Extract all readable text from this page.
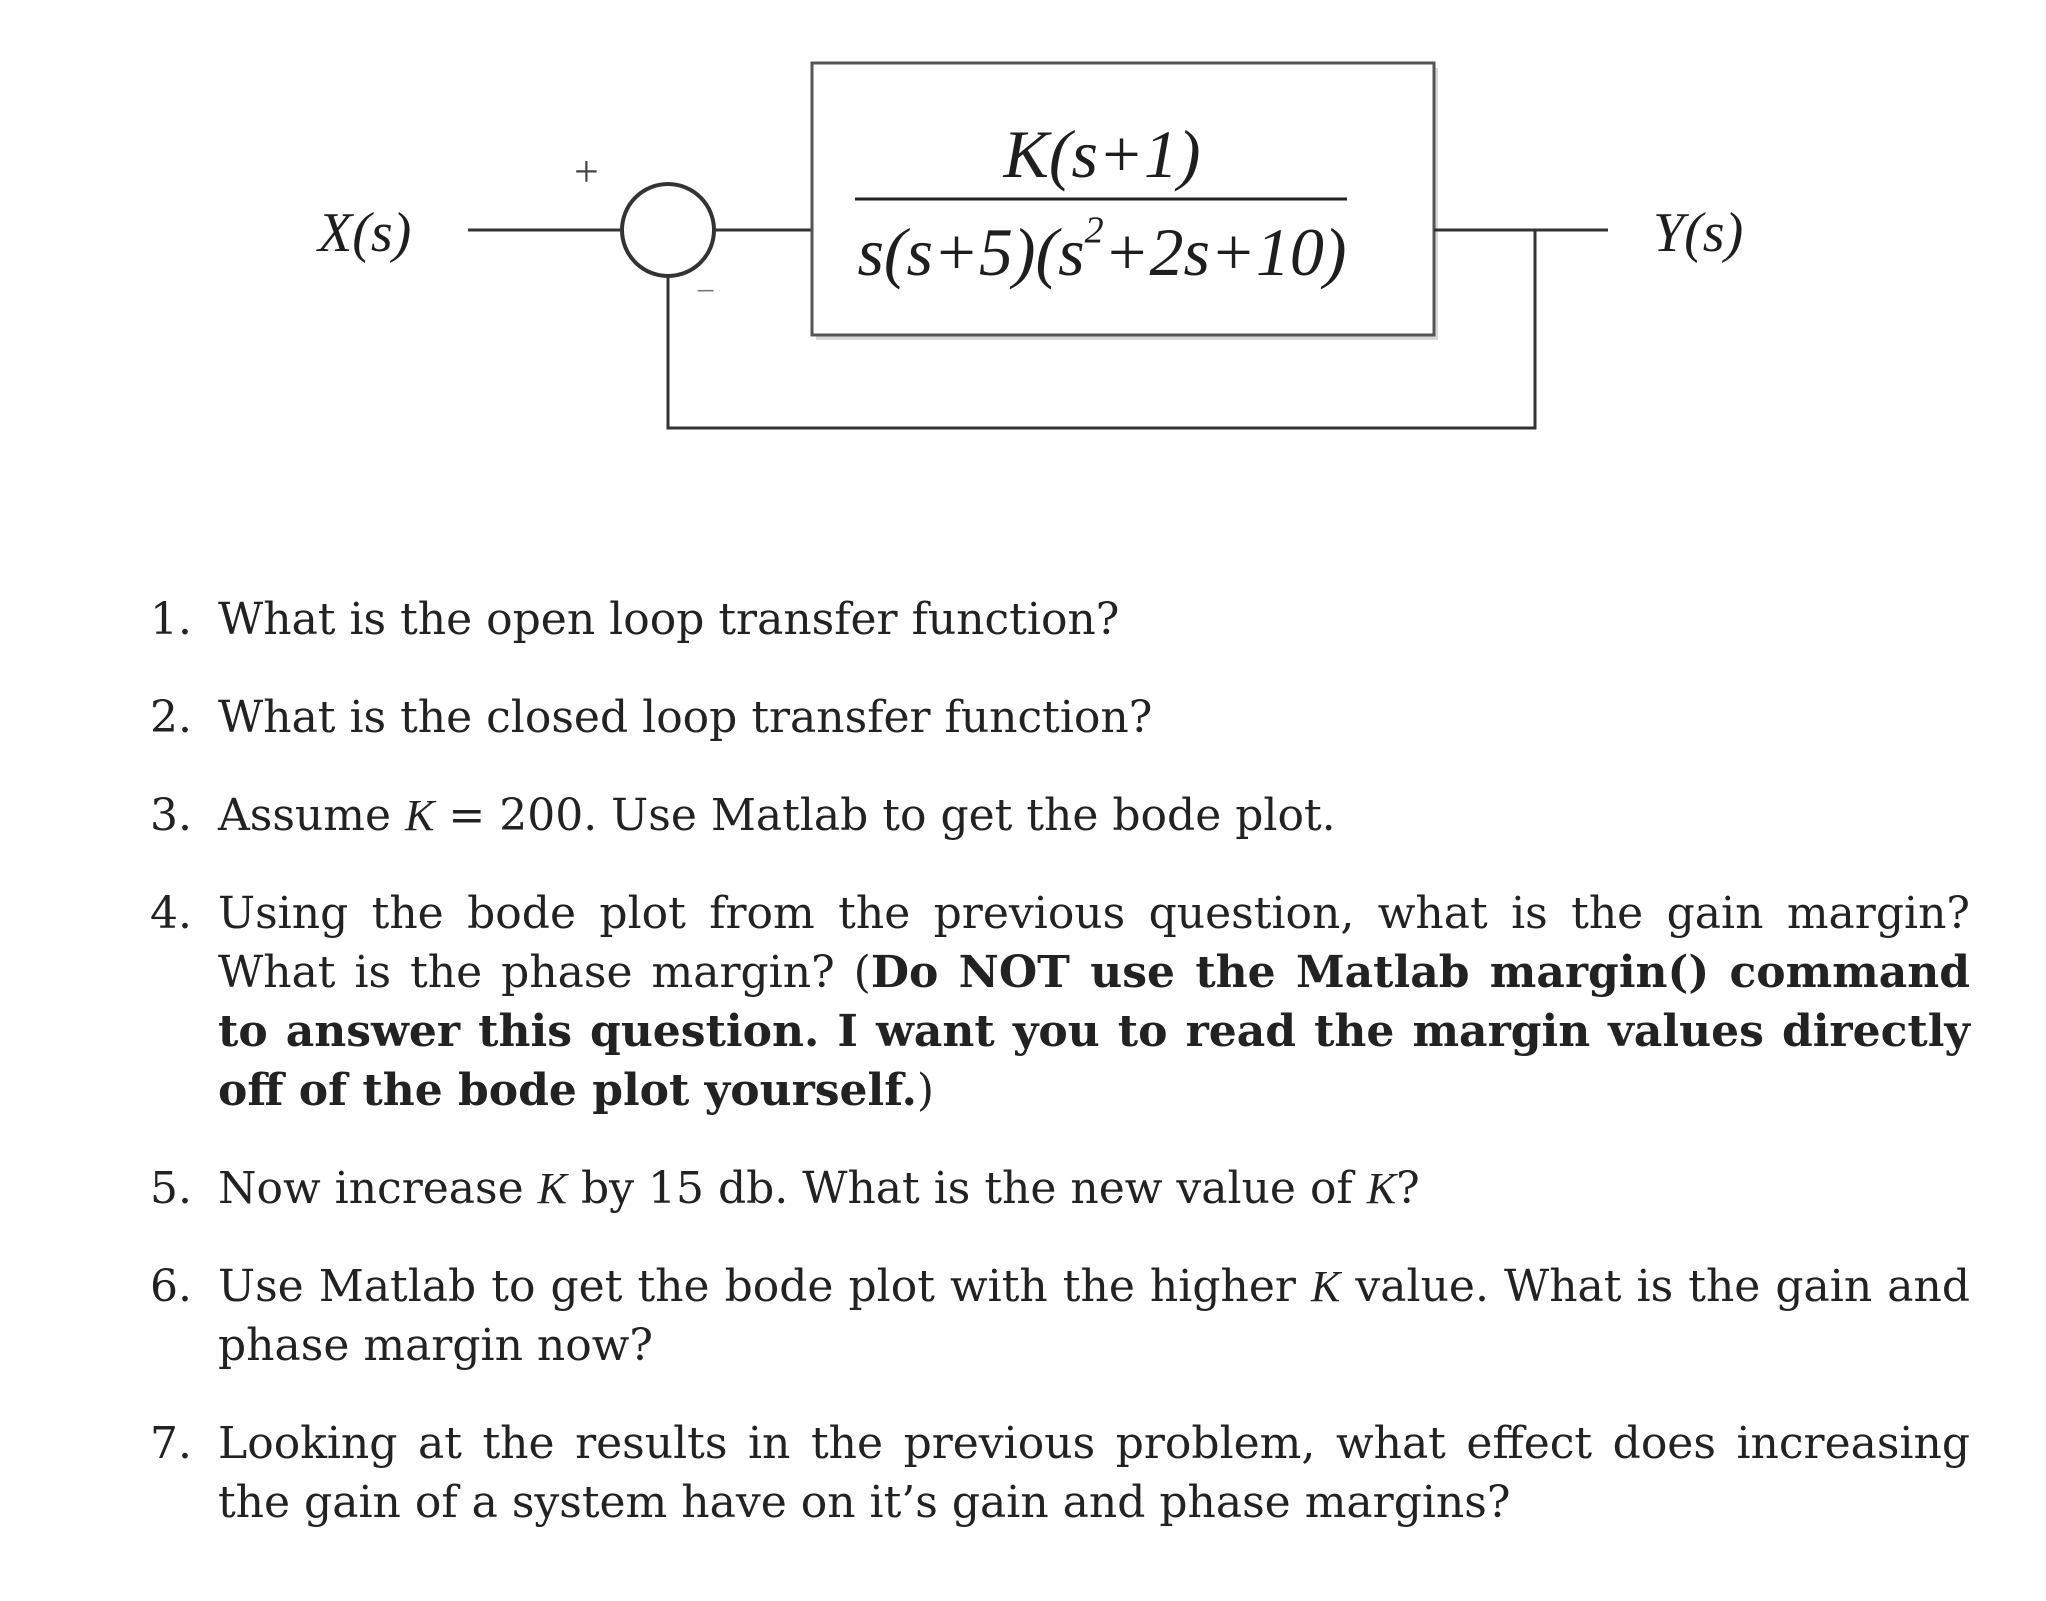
X(s)	Y(s)
+
−
K(s+1)
$s(s+5)(s^2+2s+10)$
1. What is the open loop transfer function?
2. What is the closed loop transfer function?
3. Assume K = 200. Use Matlab to get the bode plot.
4. Using the bode plot from the previous question, what is the gain margin? What is the phase margin? (Do NOT use the Matlab margin() command to answer this question. I want you to read the margin values directly off of the bode plot yourself.)
5. Now increase K by 15 db. What is the new value of K?
6. Use Matlab to get the bode plot with the higher K value. What is the gain and phase margin now?
7. Looking at the results in the previous problem, what effect does increasing the gain of a system have on it’s gain and phase margins?
